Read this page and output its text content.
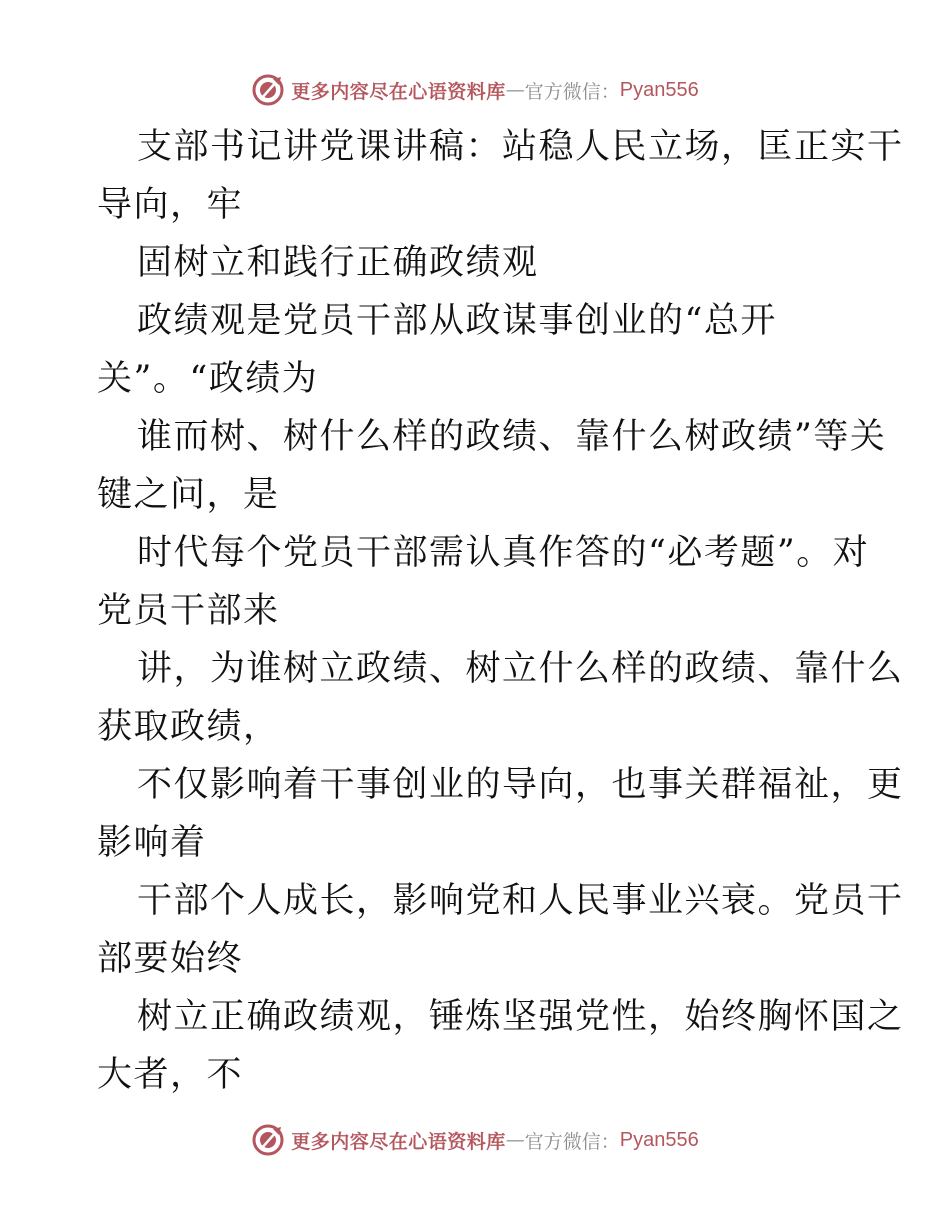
更多内容尽在心语资料库 — 官方微信： Pyan556
支部书记讲党课讲稿：站稳人民立场，匡正实干
导向，牢
固树立和践行正确政绩观
政绩观是党员干部从政谋事创业的“总开
关”。“政绩为
谁而树、树什么样的政绩、靠什么树政绩”等关
键之问，是
时代每个党员干部需认真作答的“必考题”。对
党员干部来
讲，为谁树立政绩、树立什么样的政绩、靠什么
获取政绩，
不仅影响着干事创业的导向，也事关群福祉，更
影响着
干部个人成长，影响党和人民事业兴衰。党员干
部要始终
树立正确政绩观，锤炼坚强党性，始终胸怀国之
大者，不
更多内容尽在心语资料库 — 官方微信： Pyan556
